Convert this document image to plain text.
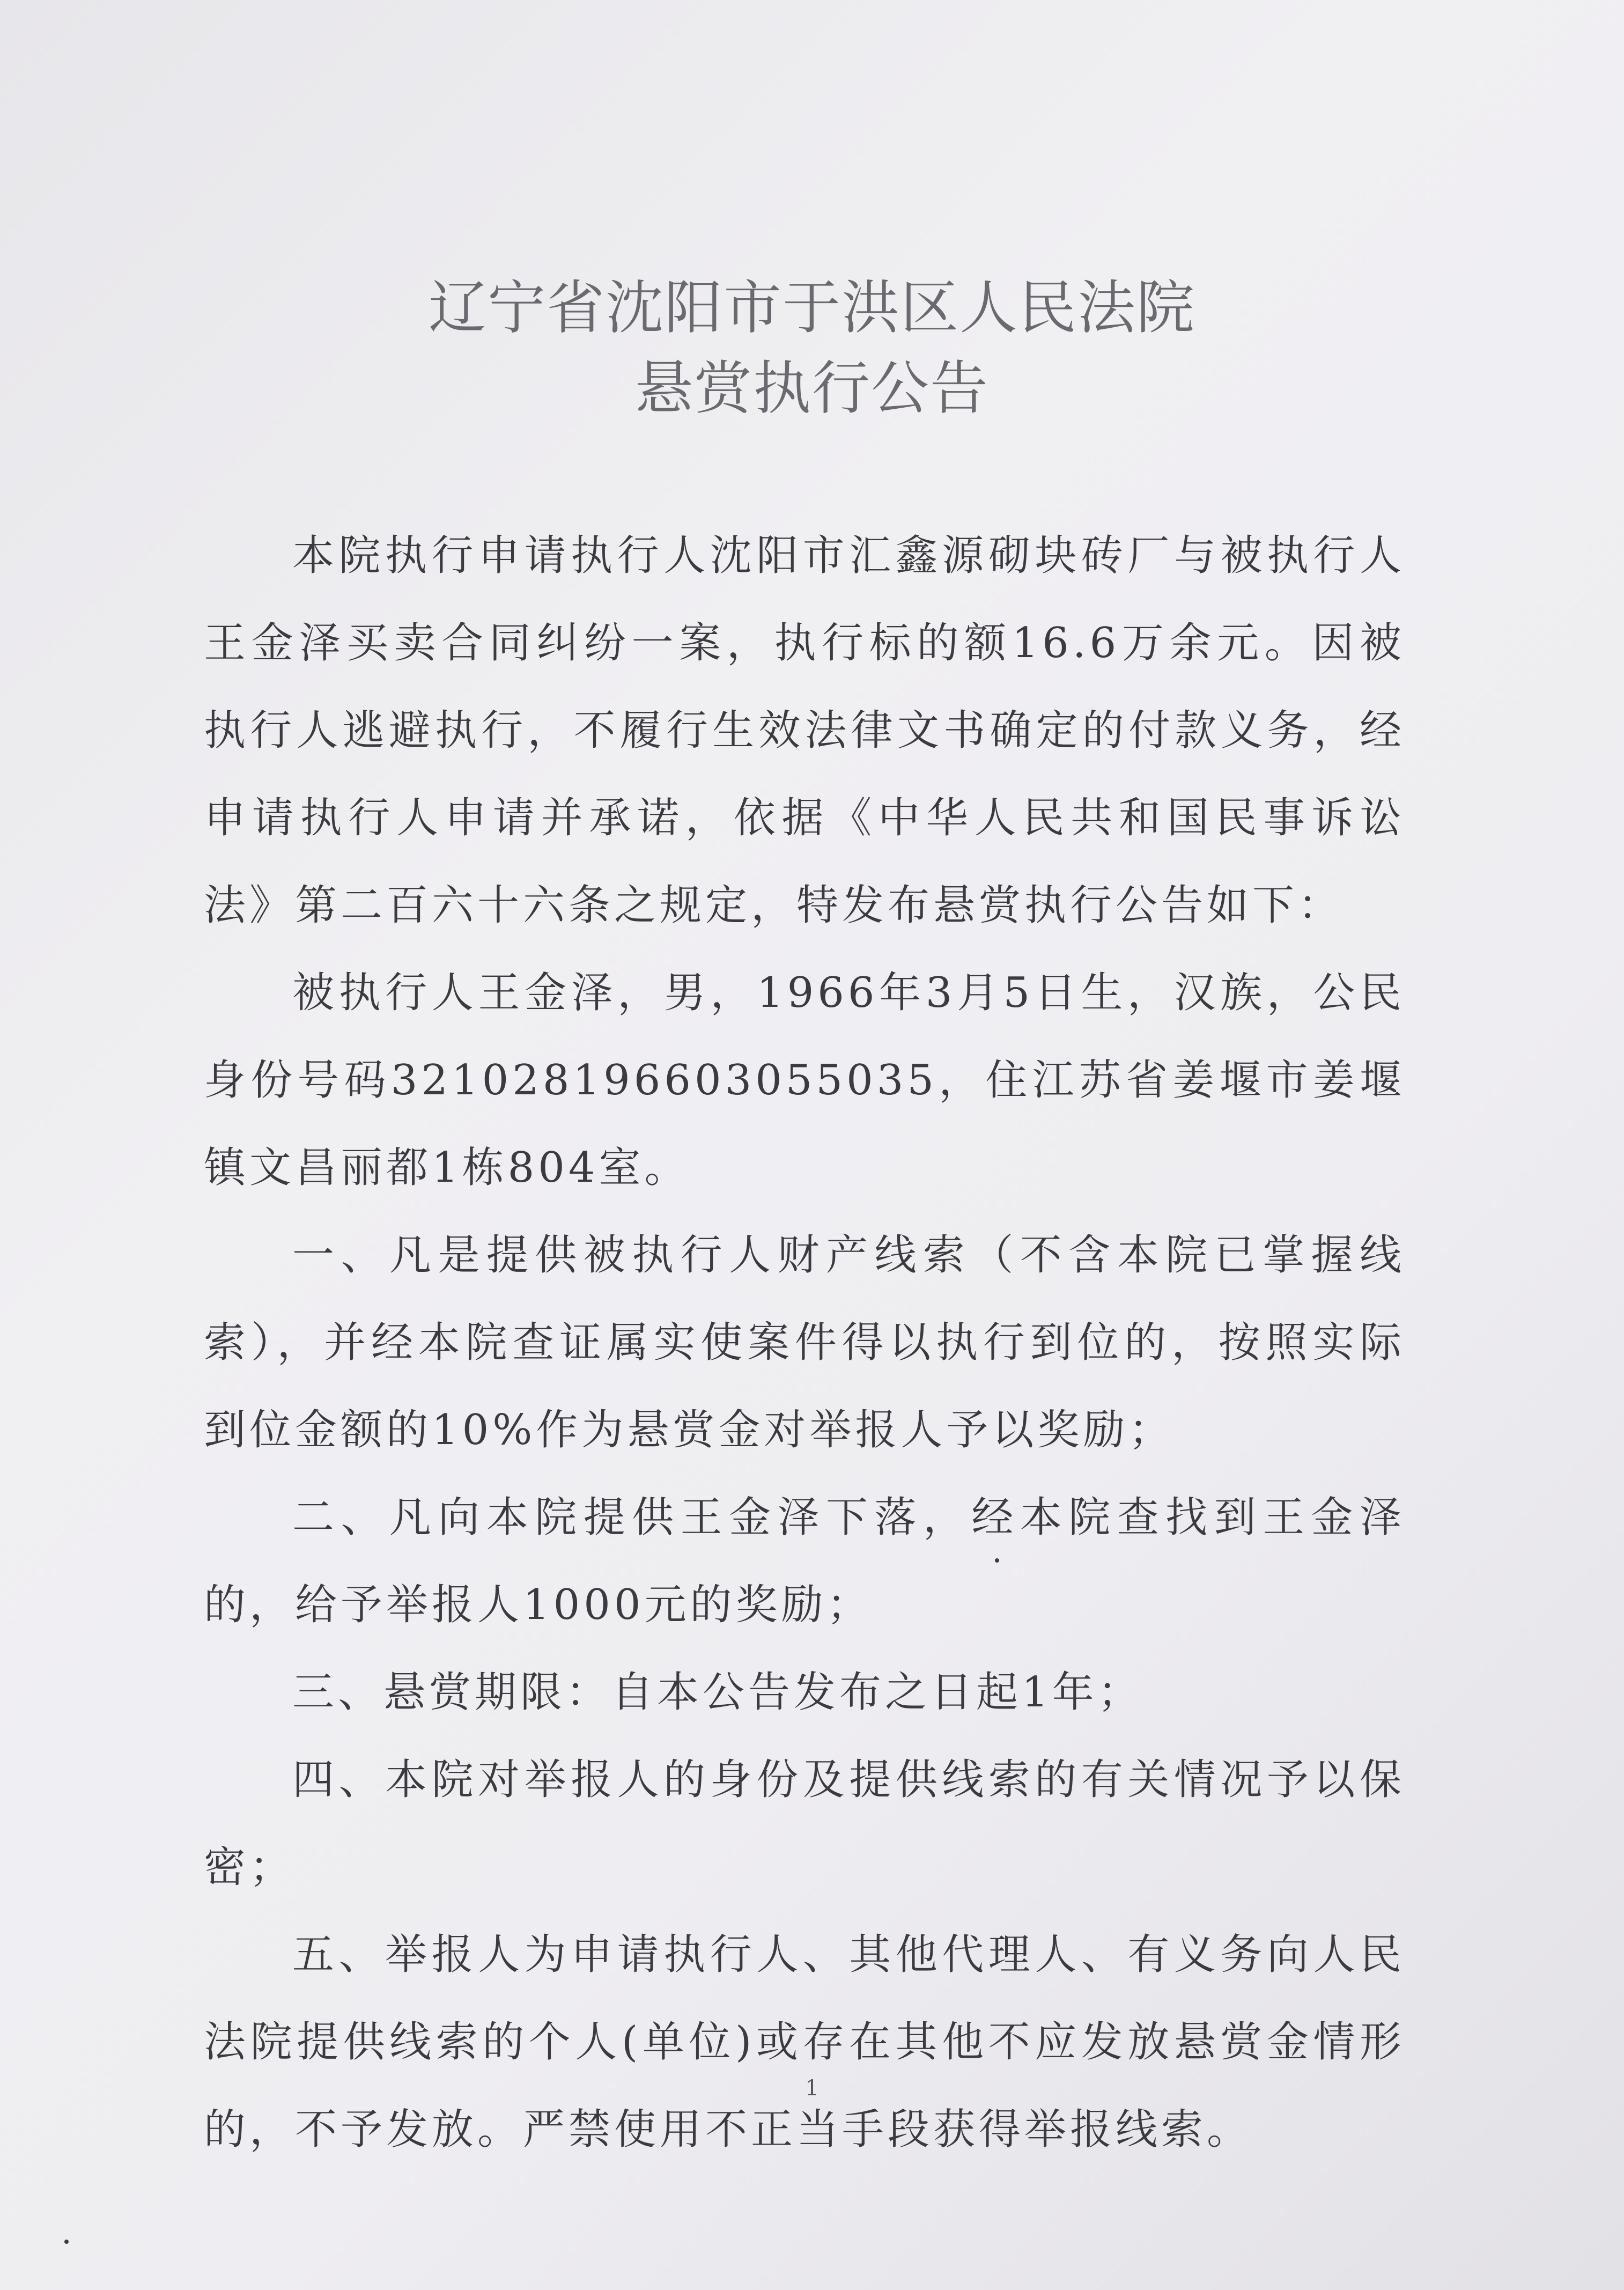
辽宁省沈阳市于洪区人民法院
悬赏执行公告

本院执行申请执行人沈阳市汇鑫源砌块砖厂与被执行人王金泽买卖合同纠纷一案，执行标的额16.6万余元。因被执行人逃避执行，不履行生效法律文书确定的付款义务，经申请执行人申请并承诺，依据《中华人民共和国民事诉讼法》第二百六十六条之规定，特发布悬赏执行公告如下：

被执行人王金泽，男，1966年3月5日生，汉族，公民身份号码321028196603055035，住江苏省姜堰市姜堰镇文昌丽都1栋804室。

一、凡是提供被执行人财产线索（不含本院已掌握线索），并经本院查证属实使案件得以执行到位的，按照实际到位金额的10%作为悬赏金对举报人予以奖励；

二、凡向本院提供王金泽下落，经本院查找到王金泽的，给予举报人1000元的奖励；

三、悬赏期限：自本公告发布之日起1年；

四、本院对举报人的身份及提供线索的有关情况予以保密；

五、举报人为申请执行人、其他代理人、有义务向人民法院提供线索的个人(单位)或存在其他不应发放悬赏金情形的，不予发放。严禁使用不正当手段获得举报线索。

1
